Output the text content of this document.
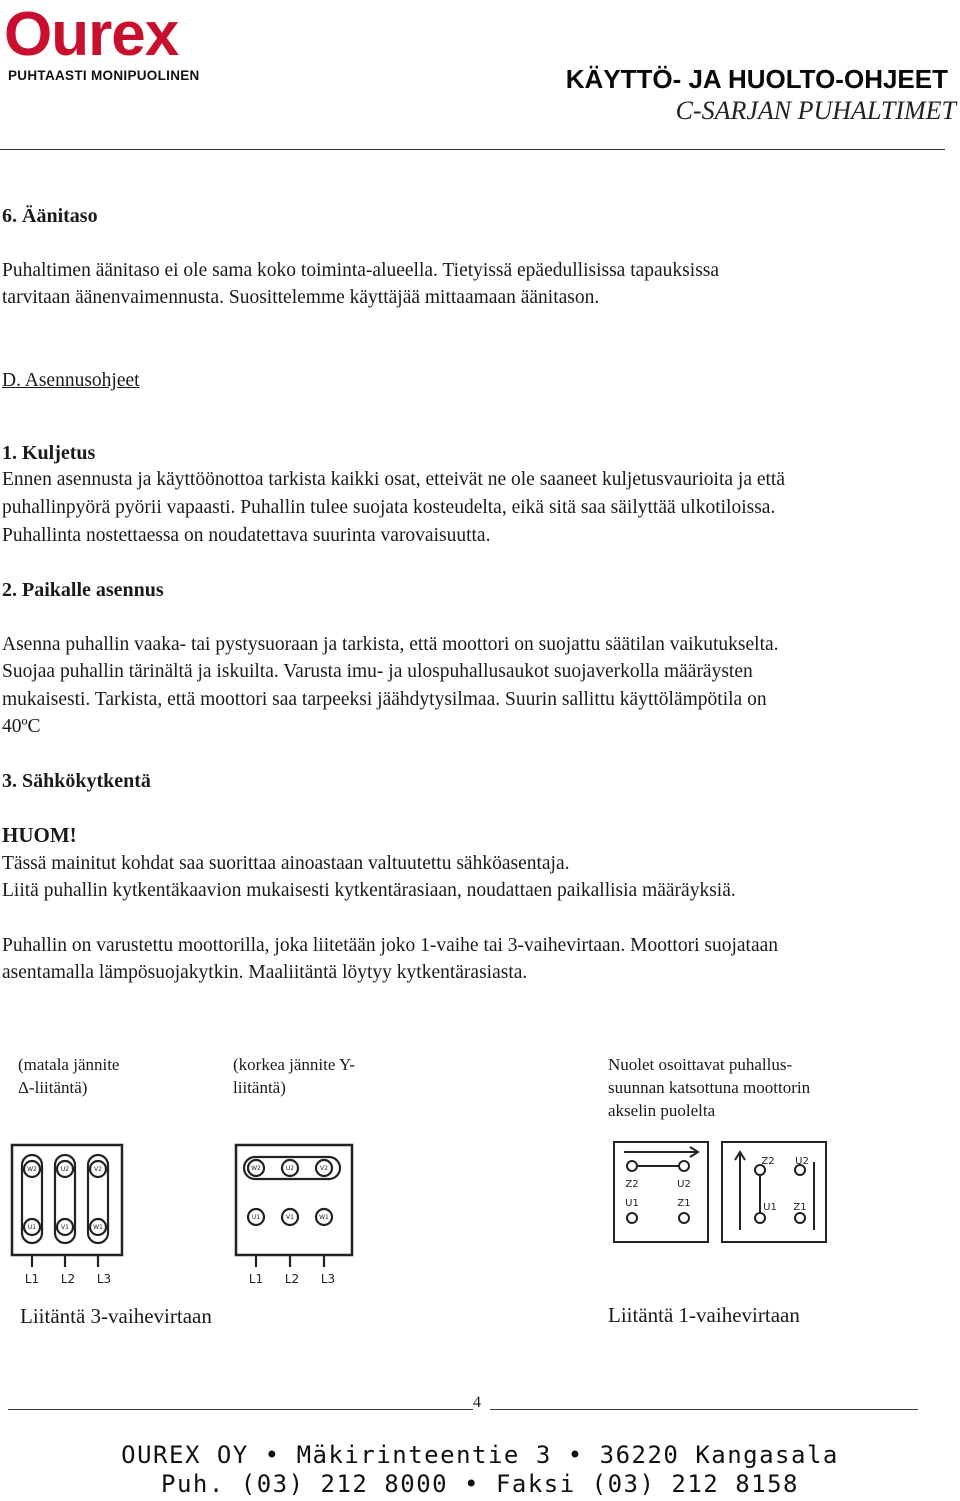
Ourex
PUHTAASTI MONIPUOLINEN	KÄYTTÖ- JA HUOLTO-OHJEET
C-SARJAN PUHALTIMET
6. Äänitaso
Puhaltimen äänitaso ei ole sama koko toiminta-alueella. Tietyissä epäedullisissa tapauksissa
tarvitaan äänenvaimennusta. Suosittelemme käyttäjää mittaamaan äänitason.
D. Asennusohjeet
1. Kuljetus
Ennen asennusta ja käyttöönottoa tarkista kaikki osat, etteivät ne ole saaneet kuljetusvaurioita ja että
puhallinpyörä pyörii vapaasti. Puhallin tulee suojata kosteudelta, eikä sitä saa säilyttää ulkotiloissa.
Puhallinta nostettaessa on noudatettava suurinta varovaisuutta.
2. Paikalle asennus
Asenna puhallin vaaka- tai pystysuoraan ja tarkista, että moottori on suojattu säätilan vaikutukselta.
Suojaa puhallin tärinältä ja iskuilta. Varusta imu- ja ulospuhallusaukot suojaverkolla määräysten
mukaisesti. Tarkista, että moottori saa tarpeeksi jäähdytysilmaa. Suurin sallittu käyttölämpötila on
40ºC
3. Sähkökytkentä
HUOM!
Tässä mainitut kohdat saa suorittaa ainoastaan valtuutettu sähköasentaja.
Liitä puhallin kytkentäkaavion mukaisesti kytkentärasiaan, noudattaen paikallisia määräyksiä.
Puhallin on varustettu moottorilla, joka liitetään joko 1-vaihe tai 3-vaihevirtaan. Moottori suojataan
asentamalla lämpösuojakytkin. Maaliitäntä löytyy kytkentärasiasta.
(matala jännite
Δ-liitäntä)
(korkea jännite Y-
liitäntä)
Nuolet osoittavat puhallus-
suunnan katsottuna moottorin
akselin puolelta
W2	U2	V2
U1	V1	W1
L1 L2 L3
W2	U2	V2
U1	V1	W1
L1 L2 L3
Z2	U2
U1	Z1
Z2 U2
U1 Z1
Liitäntä 3-vaihevirtaan	Liitäntä 1-vaihevirtaan
4
OUREX OY • Mäkirinteentie 3 • 36220 Kangasala
Puh. (03) 212 8000 • Faksi (03) 212 8158
